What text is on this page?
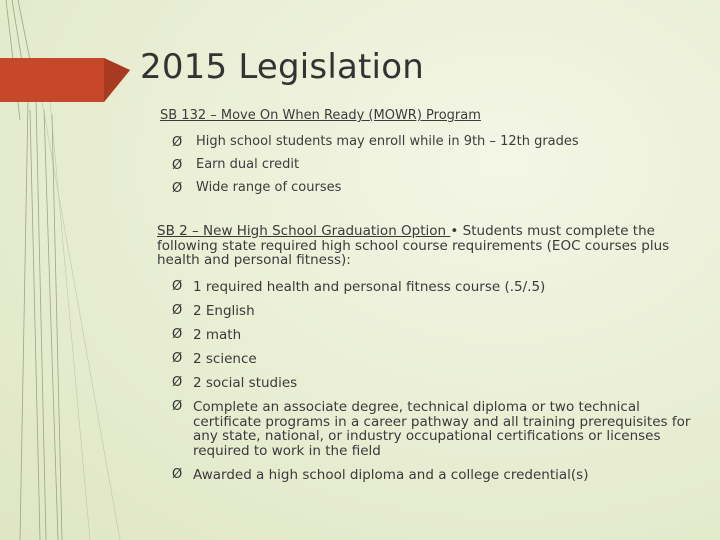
2015 Legislation
SB 132 – Move On When Ready (MOWR) Program
Ø High school students may enroll while in 9th – 12th grades
Ø Earn dual credit
Ø Wide range of courses
SB 2 – New High School Graduation Option • Students must complete the following state required high school course requirements (EOC courses plus health and personal fitness):
Ø 1 required health and personal fitness course (.5/.5)
Ø 2 English
Ø 2 math
Ø 2 science
Ø 2 social studies
Ø Complete an associate degree, technical diploma or two technical certificate programs in a career pathway and all training prerequisites for any state, national, or industry occupational certifications or licenses required to work in the field
Ø Awarded a high school diploma and a college credential(s)
